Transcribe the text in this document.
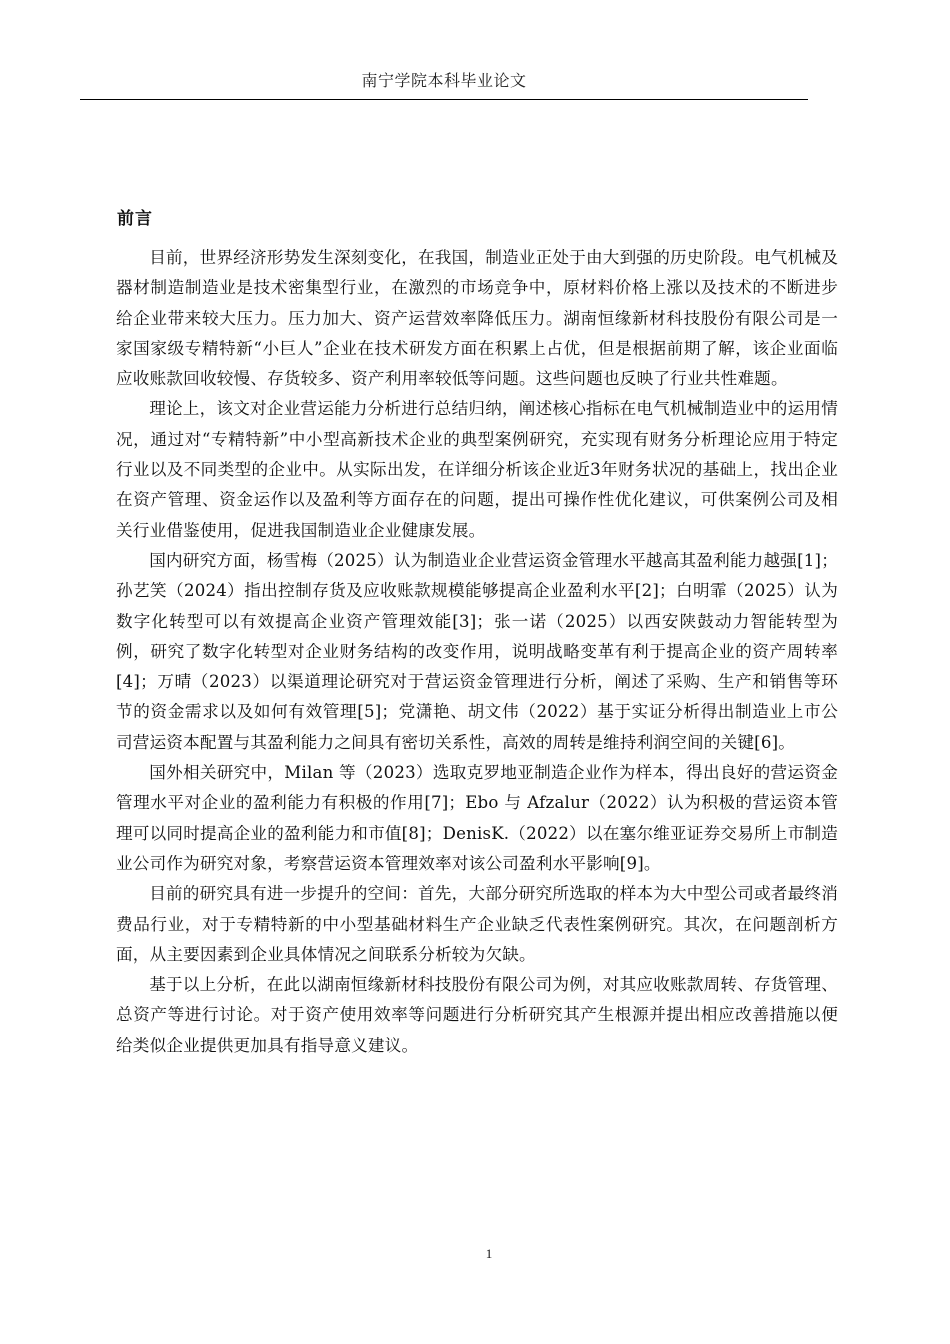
南宁学院本科毕业论文
前言

目前，世界经济形势发生深刻变化，在我国，制造业正处于由大到强的历史阶段。电气机械及器材制造制造业是技术密集型行业，在激烈的市场竞争中，原材料价格上涨以及技术的不断进步给企业带来较大压力。压力加大、资产运营效率降低压力。湖南恒缘新材科技股份有限公司是一家国家级专精特新“小巨人”企业在技术研发方面在积累上占优，但是根据前期了解，该企业面临应收账款回收较慢、存货较多、资产利用率较低等问题。这些问题也反映了行业共性难题。

理论上，该文对企业营运能力分析进行总结归纳，阐述核心指标在电气机械制造业中的运用情况，通过对“专精特新”中小型高新技术企业的典型案例研究，充实现有财务分析理论应用于特定行业以及不同类型的企业中。从实际出发，在详细分析该企业近3年财务状况的基础上，找出企业在资产管理、资金运作以及盈利等方面存在的问题，提出可操作性优化建议，可供案例公司及相关行业借鉴使用，促进我国制造业企业健康发展。

国内研究方面，杨雪梅（2025）认为制造业企业营运资金管理水平越高其盈利能力越强[1]；孙艺笑（2024）指出控制存货及应收账款规模能够提高企业盈利水平[2]；白明霏（2025）认为数字化转型可以有效提高企业资产管理效能[3]；张一诺（2025）以西安陕鼓动力智能转型为例，研究了数字化转型对企业财务结构的改变作用，说明战略变革有利于提高企业的资产周转率[4]；万晴（2023）以渠道理论研究对于营运资金管理进行分析，阐述了采购、生产和销售等环节的资金需求以及如何有效管理[5]；党潇艳、胡文伟（2022）基于实证分析得出制造业上市公司营运资本配置与其盈利能力之间具有密切关系性，高效的周转是维持利润空间的关键[6]。

国外相关研究中，Milan 等（2023）选取克罗地亚制造企业作为样本，得出良好的营运资金管理水平对企业的盈利能力有积极的作用[7]；Ebo 与 Afzalur（2022）认为积极的营运资本管理可以同时提高企业的盈利能力和市值[8]；DenisK.（2022）以在塞尔维亚证券交易所上市制造业公司作为研究对象，考察营运资本管理效率对该公司盈利水平影响[9]。

目前的研究具有进一步提升的空间：首先，大部分研究所选取的样本为大中型公司或者最终消费品行业，对于专精特新的中小型基础材料生产企业缺乏代表性案例研究。其次，在问题剖析方面，从主要因素到企业具体情况之间联系分析较为欠缺。

基于以上分析，在此以湖南恒缘新材科技股份有限公司为例，对其应收账款周转、存货管理、总资产等进行讨论。对于资产使用效率等问题进行分析研究其产生根源并提出相应改善措施以便给类似企业提供更加具有指导意义建议。

1
